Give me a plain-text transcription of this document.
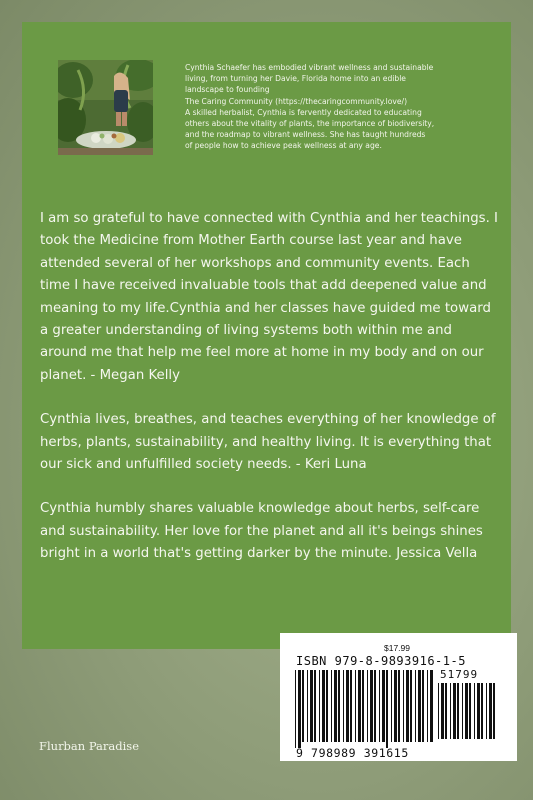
Cynthia Schaefer has embodied vibrant wellness and sustainable

living, from turning her Davie, Florida home into an edible

landscape to founding

The Caring Community (https://thecaringcommunity.love/)

A skilled herbalist, Cynthia is fervently dedicated to educating

others about the vitality of plants, the importance of biodiversity,

and the roadmap to vibrant wellness. She has taught hundreds

of people how to achieve peak wellness at any age.

I am so grateful to have connected with Cynthia and her teachings. I took the Medicine from Mother Earth course last year and have attended several of her workshops and community events. Each time I have received invaluable tools that add deepened value and meaning to my life.Cynthia and her classes have guided me toward a greater understanding of living systems both within me and around me that help me feel more at home in my body and on our planet. - Megan Kelly

Cynthia lives, breathes, and teaches everything of her knowledge of herbs, plants, sustainability, and healthy living. It is everything that our sick and unfulfilled society needs. - Keri Luna

Cynthia humbly shares valuable knowledge about herbs, self-care and sustainability. Her love for the planet and all it's beings shines bright in a world that's getting darker by the minute. Jessica Vella

$17.99
ISBN 979-8-9893916-1-5
51799
9 798989 391615
Flurban Paradise
